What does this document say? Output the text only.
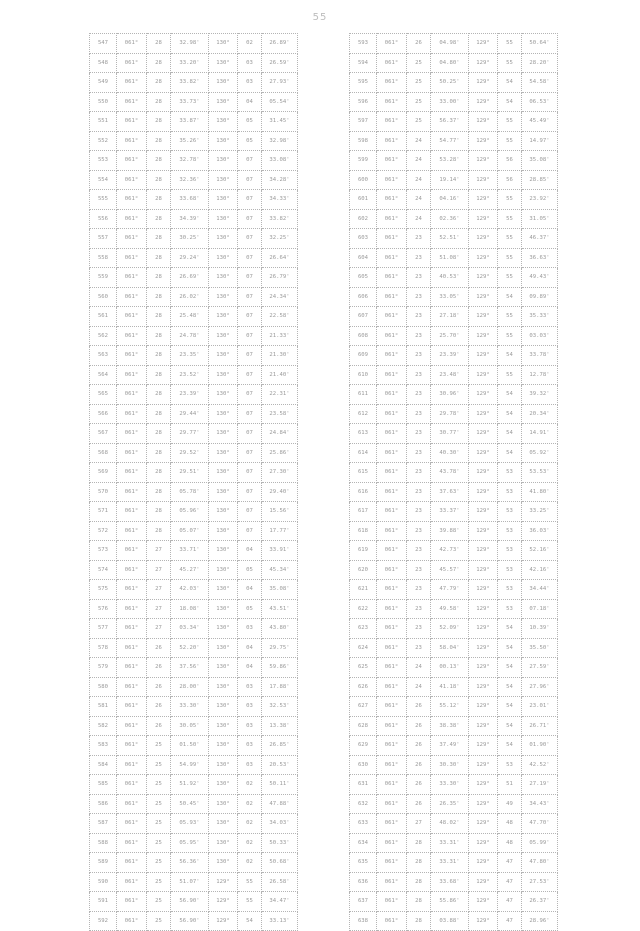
55
547	061°	28	32.98'	130°	02	26.89'
548	061°	28	33.20'	130°	03	26.59'
549	061°	28	33.82'	130°	03	27.93'
550	061°	28	33.73'	130°	04	05.54'
551	061°	28	33.87'	130°	05	31.45'
552	061°	28	35.26'	130°	05	32.98'
553	061°	28	32.78'	130°	07	33.08'
554	061°	28	32.36'	130°	07	34.28'
555	061°	28	33.68'	130°	07	34.33'
556	061°	28	34.39'	130°	07	33.82'
557	061°	28	30.25'	130°	07	32.25'
558	061°	28	29.24'	130°	07	26.64'
559	061°	28	26.69'	130°	07	26.79'
560	061°	28	26.02'	130°	07	24.34'
561	061°	28	25.48'	130°	07	22.58'
562	061°	28	24.78'	130°	07	21.33'
563	061°	28	23.35'	130°	07	21.30'
564	061°	28	23.52'	130°	07	21.40'
565	061°	28	23.39'	130°	07	22.31'
566	061°	28	29.44'	130°	07	23.58'
567	061°	28	29.77'	130°	07	24.84'
568	061°	28	29.52'	130°	07	25.86'
569	061°	28	29.51'	130°	07	27.30'
570	061°	28	05.78'	130°	07	29.40'
571	061°	28	05.96'	130°	07	15.56'
572	061°	28	05.07'	130°	07	17.77'
573	061°	27	33.71'	130°	04	33.91'
574	061°	27	45.27'	130°	05	45.34'
575	061°	27	42.03'	130°	04	35.08'
576	061°	27	18.08'	130°	05	43.51'
577	061°	27	03.34'	130°	03	43.80'
578	061°	26	52.20'	130°	04	29.75'
579	061°	26	37.56'	130°	04	59.86'
580	061°	26	28.00'	130°	03	17.88'
581	061°	26	33.30'	130°	03	32.53'
582	061°	26	30.05'	130°	03	13.38'
583	061°	25	01.50'	130°	03	26.85'
584	061°	25	54.99'	130°	03	20.53'
585	061°	25	51.92'	130°	02	50.11'
586	061°	25	50.45'	130°	02	47.88'
587	061°	25	05.93'	130°	02	34.03'
588	061°	25	05.95'	130°	02	50.33'
589	061°	25	56.36'	130°	02	50.68'
590	061°	25	51.07'	129°	55	26.58'
591	061°	25	56.90'	129°	55	34.47'
592	061°	25	56.90'	129°	54	33.13'
593	061°	26	04.98'	129°	55	50.64'
594	061°	25	04.80'	129°	55	28.20'
595	061°	25	50.25'	129°	54	54.58'
596	061°	25	33.00'	129°	54	06.53'
597	061°	25	56.37'	129°	55	45.49'
598	061°	24	54.77'	129°	55	14.97'
599	061°	24	53.28'	129°	56	35.08'
600	061°	24	19.14'	129°	56	28.85'
601	061°	24	04.16'	129°	55	23.92'
602	061°	24	02.36'	129°	55	31.05'
603	061°	23	52.51'	129°	55	46.37'
604	061°	23	51.08'	129°	55	36.63'
605	061°	23	40.53'	129°	55	49.43'
606	061°	23	33.05'	129°	54	09.89'
607	061°	23	27.18'	129°	55	35.33'
608	061°	23	25.70'	129°	55	03.03'
609	061°	23	23.39'	129°	54	33.78'
610	061°	23	23.48'	129°	55	12.78'
611	061°	23	30.96'	129°	54	39.32'
612	061°	23	29.78'	129°	54	20.34'
613	061°	23	30.77'	129°	54	14.91'
614	061°	23	40.30'	129°	54	05.92'
615	061°	23	43.78'	129°	53	53.53'
616	061°	23	37.63'	129°	53	41.80'
617	061°	23	33.37'	129°	53	33.25'
618	061°	23	39.88'	129°	53	36.03'
619	061°	23	42.73'	129°	53	52.16'
620	061°	23	45.57'	129°	53	42.16'
621	061°	23	47.79'	129°	53	34.44'
622	061°	23	49.58'	129°	53	07.18'
623	061°	23	52.09'	129°	54	10.39'
624	061°	23	58.04'	129°	54	35.50'
625	061°	24	00.13'	129°	54	27.59'
626	061°	24	41.18'	129°	54	27.96'
627	061°	26	55.12'	129°	54	23.01'
628	061°	26	38.38'	129°	54	26.71'
629	061°	26	37.49'	129°	54	01.90'
630	061°	26	30.30'	129°	53	42.52'
631	061°	26	33.30'	129°	51	27.19'
632	061°	26	26.35'	129°	49	34.43'
633	061°	27	48.02'	129°	48	47.70'
634	061°	28	33.31'	129°	48	05.99'
635	061°	28	33.31'	129°	47	47.80'
636	061°	28	33.68'	129°	47	27.53'
637	061°	28	55.86'	129°	47	26.37'
638	061°	28	03.88'	129°	47	28.96'
